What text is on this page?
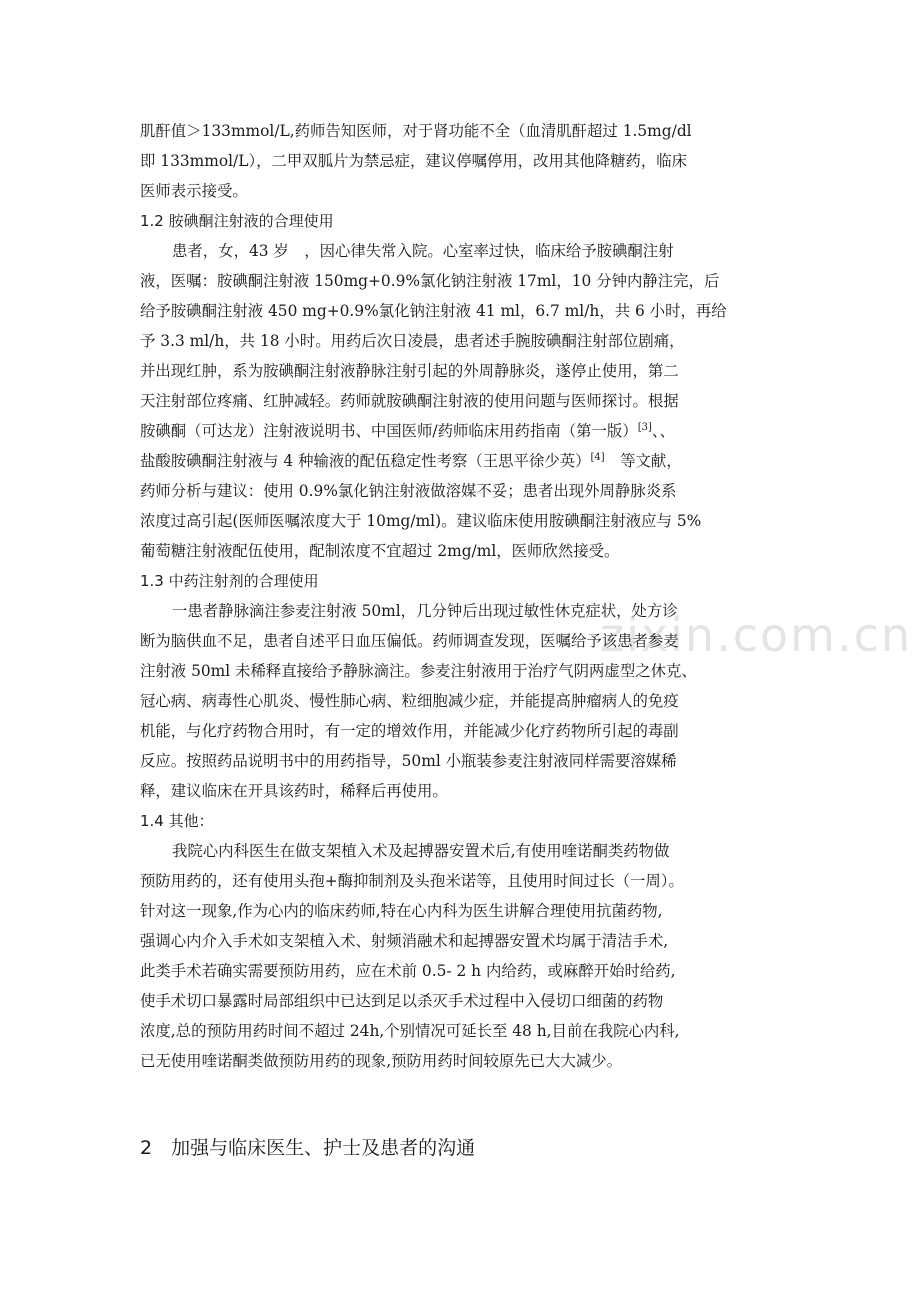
zixin.com.cn
肌酐值＞133mmol/L,药师告知医师，对于肾功能不全（血清肌酐超过 1.5mg/dl
即 133mmol/L），二甲双胍片为禁忌症，建议停嘱停用，改用其他降糖药，临床
医师表示接受。
1.2 胺碘酮注射液的合理使用
患者，女，43 岁　，因心律失常入院。心室率过快，临床给予胺碘酮注射
液，医嘱：胺碘酮注射液 150mg+0.9%氯化钠注射液 17ml，10 分钟内静注完，后
给予胺碘酮注射液 450 mg+0.9%氯化钠注射液 41 ml，6.7 ml/h，共 6 小时，再给
予 3.3 ml/h，共 18 小时。用药后次日凌晨，患者述手腕胺碘酮注射部位剧痛，
并出现红肿，系为胺碘酮注射液静脉注射引起的外周静脉炎，遂停止使用，第二
天注射部位疼痛、红肿减轻。药师就胺碘酮注射液的使用问题与医师探讨。根据
胺碘酮（可达龙）注射液说明书、中国医师/药师临床用药指南（第一版）[3]、、
盐酸胺碘酮注射液与 4 种输液的配伍稳定性考察（王思平徐少英）[4]　等文献，
药师分析与建议：使用 0.9%氯化钠注射液做溶媒不妥；患者出现外周静脉炎系
浓度过高引起(医师医嘱浓度大于 10mg/ml)。建议临床使用胺碘酮注射液应与 5%
葡萄糖注射液配伍使用，配制浓度不宜超过 2mg/ml，医师欣然接受。
1.3 中药注射剂的合理使用
一患者静脉滴注参麦注射液 50ml，几分钟后出现过敏性休克症状，处方诊
断为脑供血不足，患者自述平日血压偏低。药师调查发现，医嘱给予该患者参麦
注射液 50ml 未稀释直接给予静脉滴注。参麦注射液用于治疗气阴两虚型之休克、
冠心病、病毒性心肌炎、慢性肺心病、粒细胞减少症，并能提高肿瘤病人的免疫
机能，与化疗药物合用时，有一定的增效作用，并能减少化疗药物所引起的毒副
反应。按照药品说明书中的用药指导，50ml 小瓶装参麦注射液同样需要溶媒稀
释，建议临床在开具该药时，稀释后再使用。
1.4 其他：
我院心内科医生在做支架植入术及起搏器安置术后,有使用喹诺酮类药物做
预防用药的，还有使用头孢+酶抑制剂及头孢米诺等，且使用时间过长（一周）。
针对这一现象,作为心内的临床药师,特在心内科为医生讲解合理使用抗菌药物,
强调心内介入手术如支架植入术、射频消融术和起搏器安置术均属于清洁手术,
此类手术若确实需要预防用药，应在术前 0.5- 2 h 内给药，或麻醉开始时给药,
使手术切口暴露时局部组织中已达到足以杀灭手术过程中入侵切口细菌的药物
浓度,总的预防用药时间不超过 24h,个别情况可延长至 48 h,目前在我院心内科,
已无使用喹诺酮类做预防用药的现象,预防用药时间较原先已大大减少。
2　加强与临床医生、护士及患者的沟通
